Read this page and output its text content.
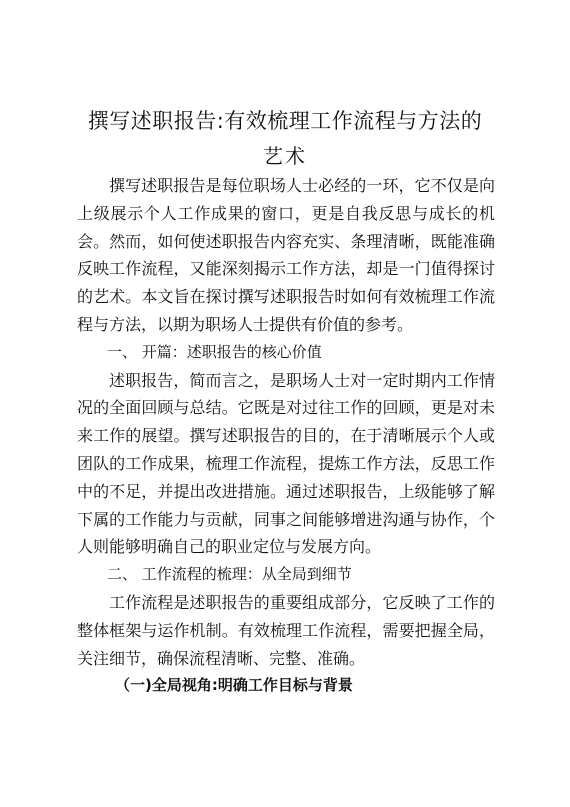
撰写述职报告:有效梳理工作流程与方法的
艺术

撰写述职报告是每位职场人士必经的一环，它不仅是向上级展示个人工作成果的窗口，更是自我反思与成长的机会。然而，如何使述职报告内容充实、条理清晰，既能准确反映工作流程，又能深刻揭示工作方法，却是一门值得探讨的艺术。本文旨在探讨撰写述职报告时如何有效梳理工作流程与方法，以期为职场人士提供有价值的参考。

一、 开篇：述职报告的核心价值

述职报告，简而言之，是职场人士对一定时期内工作情况的全面回顾与总结。它既是对过往工作的回顾，更是对未来工作的展望。撰写述职报告的目的，在于清晰展示个人或团队的工作成果，梳理工作流程，提炼工作方法，反思工作中的不足，并提出改进措施。通过述职报告，上级能够了解下属的工作能力与贡献，同事之间能够增进沟通与协作，个人则能够明确自己的职业定位与发展方向。

二、 工作流程的梳理：从全局到细节

工作流程是述职报告的重要组成部分，它反映了工作的整体框架与运作机制。有效梳理工作流程，需要把握全局，关注细节，确保流程清晰、完整、准确。

（一)全局视角:明确工作目标与背景
